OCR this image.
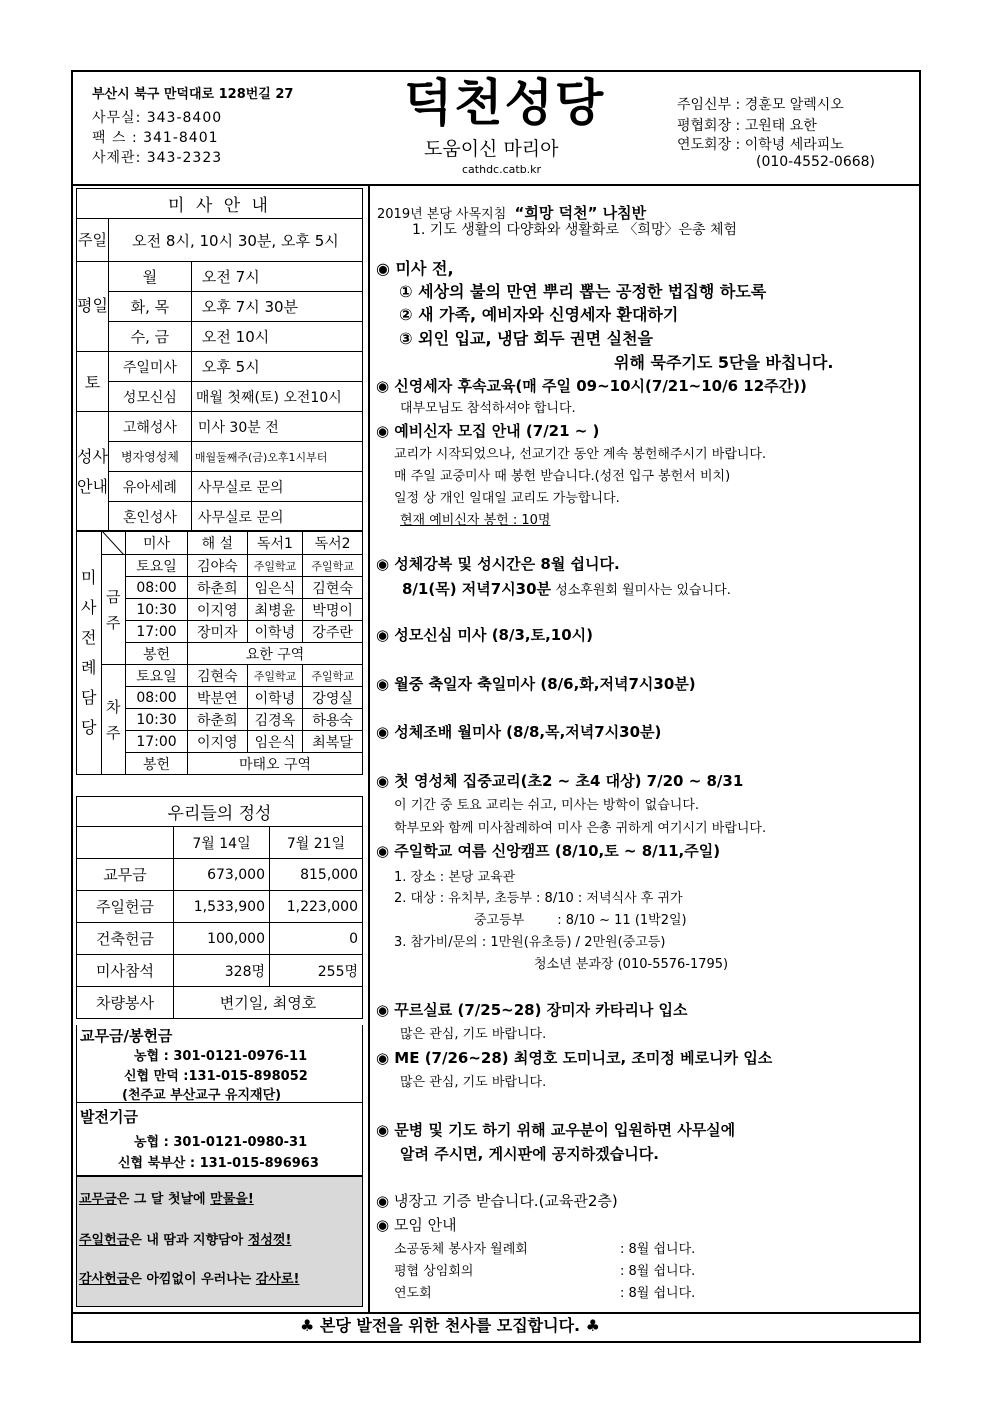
부산시 북구 만덕대로 128번길 27
사무실: 343-8400
팩 스 : 341-8401
사제관: 343-2323
덕천성당
도움이신 마리아
cathdc.catb.kr
주임신부 : 경훈모 알렉시오
평협회장 : 고원태 요한
연도회장 : 이학녕 세라피노
(010-4552-0668)
미 사 안 내		
주일	오전 8시, 10시 30분, 오후 5시	
평일	월	오전 7시
	화, 목	오후 7시 30분
	수, 금	오전 10시
토	주일미사	오후 5시
	성모신심	매월 첫째(토) 오전10시
성사안내	고해성사	미사 30분 전
	병자영성체	매월둘째주(금)오후1시부터
	유아세례	사무실로 문의
	혼인성사	사무실로 문의
미사전례담당		미사	해 설	독서1	독서2
	금주	토요일	김야숙	주일학교	주일학교
		08:00	하춘희	임은식	김현숙
		10:30	이지영	최병윤	박명이
		17:00	장미자	이학녕	강주란
		봉헌	요한 구역		
	차주	토요일	김현숙	주일학교	주일학교
		08:00	박분연	이학녕	강영실
		10:30	하춘희	김경옥	하용숙
		17:00	이지영	임은식	최복달
		봉헌	마태오 구역		
우리들의 정성		
	7월 14일	7월 21일
교무금	673,000	815,000
주일헌금	1,533,900	1,223,000
건축헌금	100,000	0
미사참석	328명	255명
차량봉사	변기일, 최영호	
교무금/봉헌금
농협 : 301-0121-0976-11
신협 만덕 :131-015-898052
(천주교 부산교구 유지재단)
발전기금
농협 : 301-0121-0980-31
신협 북부산 : 131-015-896963
교무금은 그 달 첫날에 맏물을!
주일헌금은 내 땀과 지향담아 정성껏!
감사헌금은 아낌없이 우러나는 감사로!
2019년 본당 사목지침 “희망 덕천” 나침반
1. 기도 생활의 다양화와 생활화로 〈희망〉은총 체험
◉ 미사 전,
① 세상의 불의 만연 뿌리 뽑는 공정한 법집행 하도록
② 새 가족, 예비자와 신영세자 환대하기
③ 외인 입교, 냉담 회두 권면 실천을
위해 묵주기도 5단을 바칩니다.
◉ 신영세자 후속교육(매 주일 09~10시(7/21~10/6 12주간))
대부모님도 참석하셔야 합니다.
◉ 예비신자 모집 안내 (7/21 ~ )
교리가 시작되었으나, 선교기간 동안 계속 봉헌해주시기 바랍니다.
매 주일 교중미사 때 봉헌 받습니다.(성전 입구 봉헌서 비치)
일정 상 개인 일대일 교리도 가능합니다.
현재 예비신자 봉헌 : 10명
◉ 성체강복 및 성시간은 8월 쉽니다.
8/1(목) 저녁7시30분 성소후원회 월미사는 있습니다.
◉ 성모신심 미사 (8/3,토,10시)
◉ 월중 축일자 축일미사 (8/6,화,저녁7시30분)
◉ 성체조배 월미사 (8/8,목,저녁7시30분)
◉ 첫 영성체 집중교리(초2 ~ 초4 대상) 7/20 ~ 8/31
이 기간 중 토요 교리는 쉬고, 미사는 방학이 없습니다.
학부모와 함께 미사참례하여 미사 은총 귀하게 여기시기 바랍니다.
◉ 주일학교 여름 신앙캠프 (8/10,토 ~ 8/11,주일)
1. 장소 : 본당 교육관
2. 대상 : 유치부, 초등부 : 8/10 : 저녁식사 후 귀가
중고등부        : 8/10 ~ 11 (1박2일)
3. 참가비/문의 : 1만원(유초등) / 2만원(중고등)
청소년 분과장 (010-5576-1795)
◉ 꾸르실료 (7/25~28) 장미자 카타리나 입소
많은 관심, 기도 바랍니다.
◉ ME (7/26~28) 최영호 도미니코, 조미정 베로니카 입소
많은 관심, 기도 바랍니다.
◉ 문병 및 기도 하기 위해 교우분이 입원하면 사무실에
알려 주시면, 게시판에 공지하겠습니다.
◉ 냉장고 기증 받습니다.(교육관2층)
◉ 모임 안내
소공동체 봉사자 월례회	: 8월 쉽니다.
평협 상임회의	: 8월 쉽니다.
연도회	: 8월 쉽니다.
♣ 본당 발전을 위한 천사를 모집합니다. ♣
